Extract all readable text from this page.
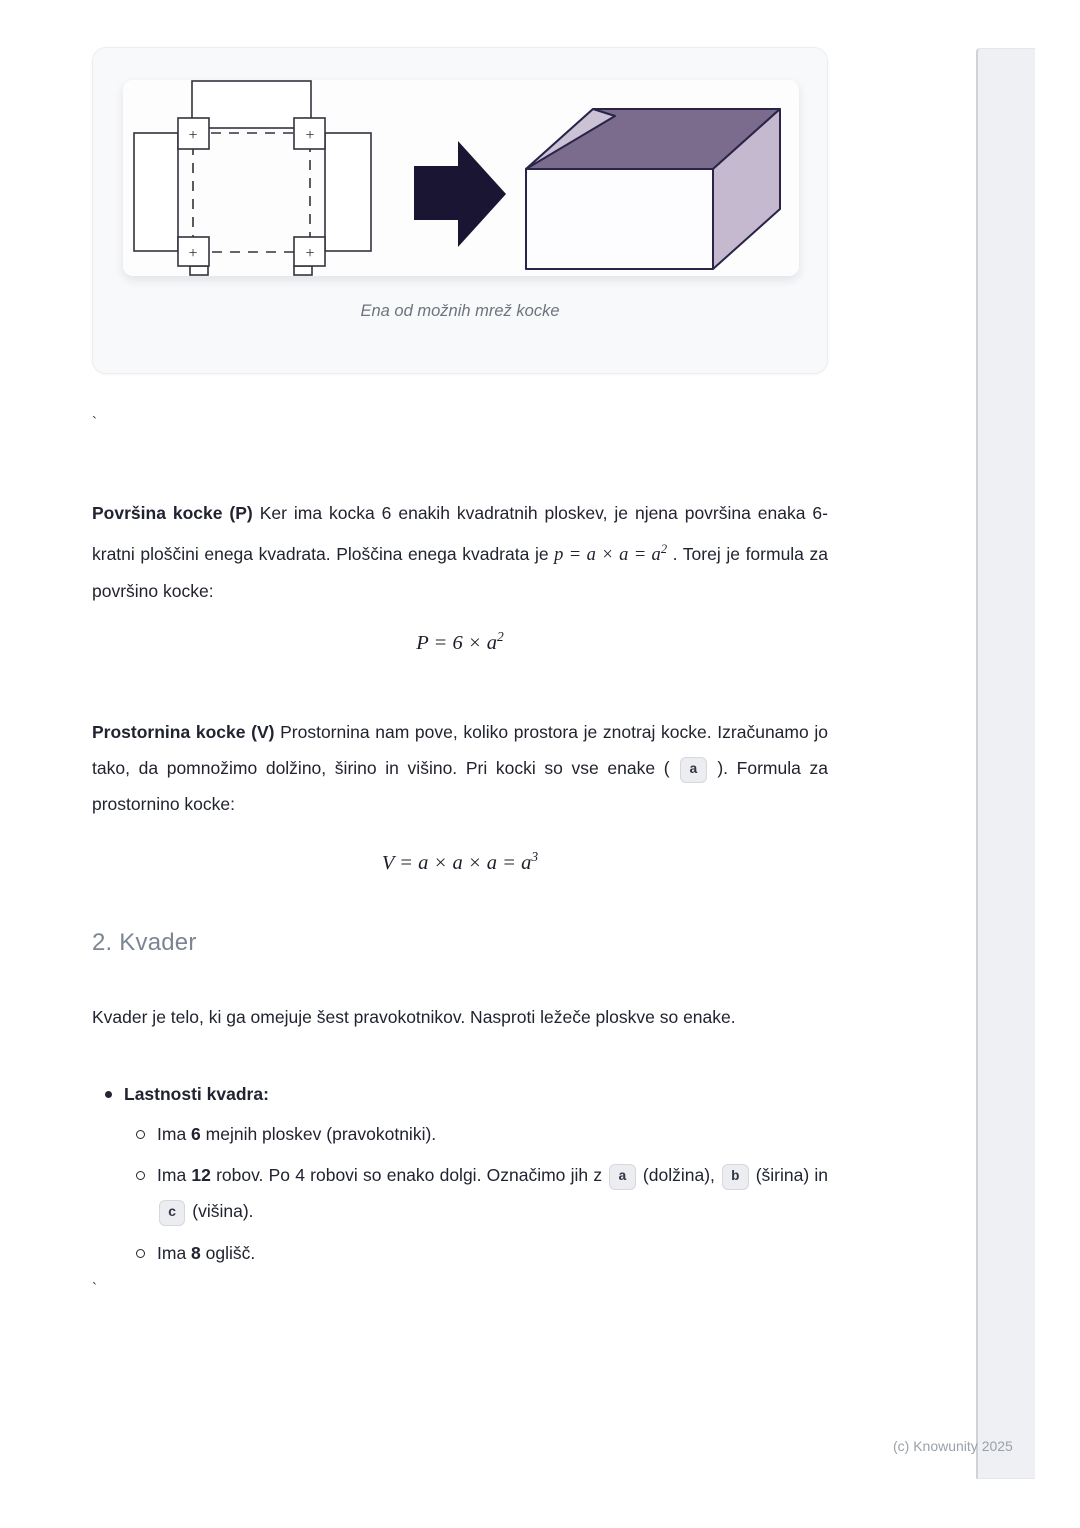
+	+
+	+
Ena od možnih mrež kocke
`

Površina kocke (P) Ker ima kocka 6 enakih kvadratnih ploskev, je njena površina enaka 6-kratni ploščini enega kvadrata. Ploščina enega kvadrata je $p = a \times a = a^2$ . Torej je formula za površino kocke:

$P = 6 \times a^2$

Prostornina kocke (V) Prostornina nam pove, koliko prostora je znotraj kocke. Izračunamo jo tako, da pomnožimo dolžino, širino in višino. Pri kocki so vse enake ( a ). Formula za prostornino kocke:

$V = a \times a \times a = a^3$
2. Kvader

Kvader je telo, ki ga omejuje šest pravokotnikov. Nasproti ležeče ploskve so enake.

Lastnosti kvadra:
Ima 6 mejnih ploskev (pravokotniki).
Ima 12 robov. Po 4 robovi so enako dolgi. Označimo jih z a (dolžina), b (širina) in c (višina).
Ima 8 oglišč.
`
(c) Knowunity 2025
